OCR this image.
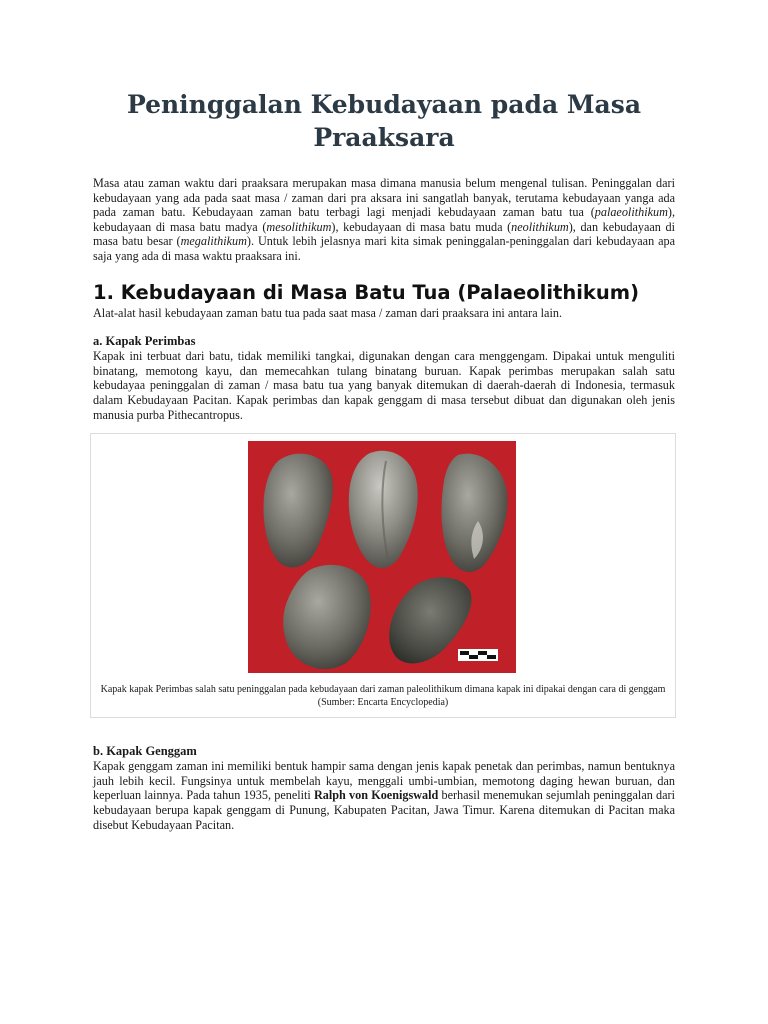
Peninggalan Kebudayaan pada Masa Praaksara

Masa atau zaman waktu dari praaksara merupakan masa dimana manusia belum mengenal tulisan. Peninggalan dari kebudayaan yang ada pada saat masa / zaman dari pra aksara ini sangatlah banyak, terutama kebudayaan yanga ada pada zaman batu. Kebudayaan zaman batu terbagi lagi menjadi kebudayaan zaman batu tua (palaeolithikum), kebudayaan di masa batu madya (mesolithikum), kebudayaan di masa batu muda (neolithikum), dan kebudayaan di masa batu besar (megalithikum). Untuk lebih jelasnya mari kita simak peninggalan-peninggalan dari kebudayaan apa saja yang ada di masa waktu praaksara ini.

1. Kebudayaan di Masa Batu Tua (Palaeolithikum)

Alat-alat hasil kebudayaan zaman batu tua pada saat masa / zaman dari praaksara ini antara lain.

a. Kapak Perimbas

Kapak ini terbuat dari batu, tidak memiliki tangkai, digunakan dengan cara menggengam. Dipakai untuk menguliti binatang, memotong kayu, dan memecahkan tulang binatang buruan. Kapak perimbas merupakan salah satu kebudayaa peninggalan di zaman / masa batu tua yang banyak ditemukan di daerah-daerah di Indonesia, termasuk dalam Kebudayaan Pacitan. Kapak perimbas dan kapak genggam di masa tersebut dibuat dan digunakan oleh jenis manusia purba Pithecantropus.

Kapak kapak Perimbas salah satu peninggalan pada kebudayaan dari zaman paleolithikum dimana kapak ini dipakai dengan cara di genggam (Sumber: Encarta Encyclopedia)
b. Kapak Genggam

Kapak genggam zaman ini memiliki bentuk hampir sama dengan jenis kapak penetak dan perimbas, namun bentuknya jauh lebih kecil. Fungsinya untuk membelah kayu, menggali umbi-umbian, memotong daging hewan buruan, dan keperluan lainnya. Pada tahun 1935, peneliti Ralph von Koenigswald berhasil menemukan sejumlah peninggalan dari kebudayaan berupa kapak genggam di Punung, Kabupaten Pacitan, Jawa Timur. Karena ditemukan di Pacitan maka disebut Kebudayaan Pacitan.
